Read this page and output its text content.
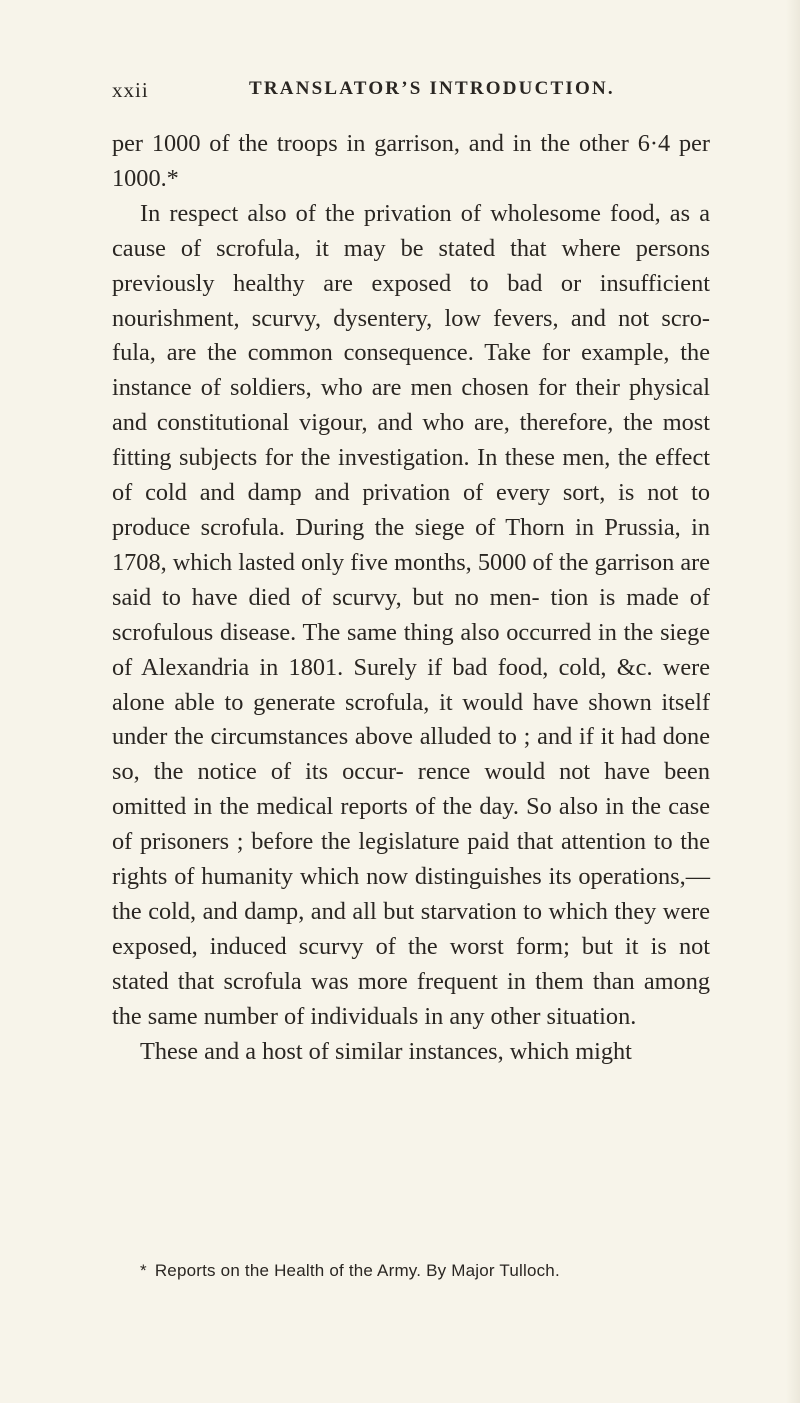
xxii	TRANSLATOR’S INTRODUCTION.

per 1000 of the troops in garrison, and in the other 6·4 per 1000.*

In respect also of the privation of wholesome food, as a cause of scrofula, it may be stated that where persons previously healthy are exposed to bad or insufficient nourishment, scurvy, dysentery, low fevers, and not scro- fula, are the common consequence. Take for example, the instance of soldiers, who are men chosen for their physical and constitutional vigour, and who are, therefore, the most fitting subjects for the investigation. In these men, the effect of cold and damp and privation of every sort, is not to produce scrofula. During the siege of Thorn in Prussia, in 1708, which lasted only five months, 5000 of the garrison are said to have died of scurvy, but no men- tion is made of scrofulous disease. The same thing also occurred in the siege of Alexandria in 1801. Surely if bad food, cold, &c. were alone able to generate scrofula, it would have shown itself under the circumstances above alluded to ; and if it had done so, the notice of its occur- rence would not have been omitted in the medical reports of the day. So also in the case of prisoners ; before the legislature paid that attention to the rights of humanity which now distinguishes its operations,—the cold, and damp, and all but starvation to which they were exposed, induced scurvy of the worst form; but it is not stated that scrofula was more frequent in them than among the same number of individuals in any other situation.

These and a host of similar instances, which might

* Reports on the Health of the Army. By Major Tulloch.
